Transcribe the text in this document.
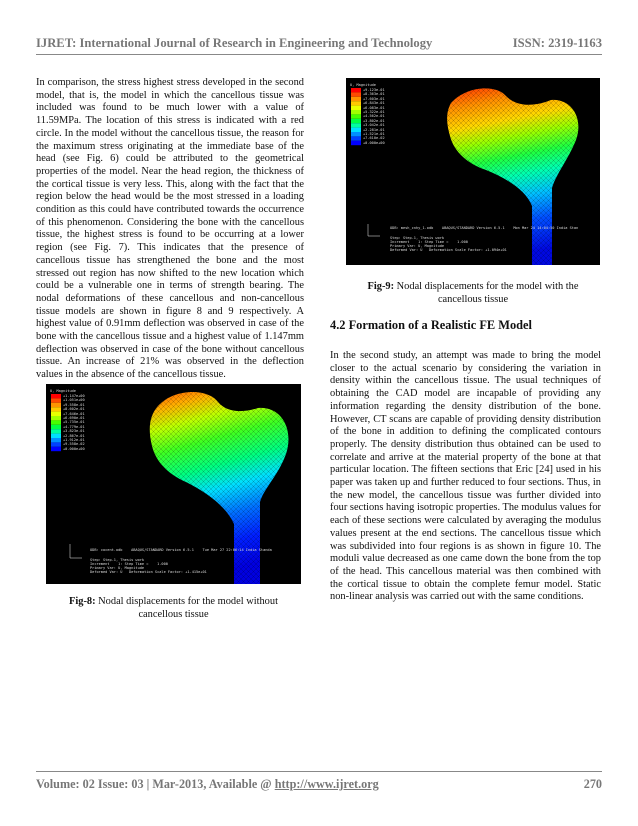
IJRET: International Journal of Research in Engineering and Technology	ISSN: 2319-1163

In comparison, the stress highest stress developed in the second model, that is, the model in which the cancellous tissue was included was found to be much lower with a value of 11.59MPa. The location of this stress is indicated with a red circle. In the model without the cancellous tissue, the reason for the maximum stress originating at the immediate base of the head (see Fig. 6) could be attributed to the geometrical properties of the model. Near the head region, the thickness of the cortical tissue is very less. This, along with the fact that the region below the head would be the most stressed in a loading condition as this could have contributed towards the occurrence of this phenomenon. Considering the bone with the cancellous tissue, the highest stress is found to be occurring at a lower region (see Fig. 7). This indicates that the presence of cancellous tissue has strengthened the bone and the most stressed out region has now shifted to the new location which could be a vulnerable one in terms of strength bearing. The nodal deformations of these cancellous and non-cancellous tissue models are shown in figure 8 and 9 respectively. A highest value of 0.91mm deflection was observed in case of the bone with the cancellous tissue and a highest value of 1.147mm deflection was observed in case of the bone without cancellous tissue. An increase of 21% was observed in the deflection values in the absence of the cancellous tissue.

U, Magnitude
+9.123e-01
+8.363e-01
+7.603e-01
+6.843e-01
+6.083e-01
+5.322e-01
+4.562e-01
+3.802e-01
+3.042e-01
+2.281e-01
+1.521e-01
+7.610e-02
+0.000e+00
ODB: mesh_cnhy_1.odb    ABAQUS/STANDARD Version 6.5-1    Mon Mar 24 14:04:50 India Stan
Step: Step-1, Thesis work
Increment    1: Step Time =    1.000
Primary Var: U, Magnitude
Deformed Var: U   Deformation Scale Factor: +1.094e+01
Fig-9: Nodal displacements for the model with the cancellous tissue
4.2 Formation of a Realistic FE Model

In the second study, an attempt was made to bring the model closer to the actual scenario by considering the variation in density within the cancellous tissue. The usual techniques of obtaining the CAD model are incapable of providing any information regarding the density distribution of the bone. However, CT scans are capable of providing density distribution of the bone in addition to defining the complicated contours properly. The density distribution thus obtained can be used to correlate and arrive at the material property of the bone at that particular location. The fifteen sections that Eric [24] used in his paper was taken up and further reduced to four sections. Thus, in the new model, the cancellous tissue was further divided into four sections having isotropic properties. The modulus values for each of these sections were calculated by averaging the modulus values present at the end sections. The cancellous tissue which was subdivided into four regions is as shown in figure 10. The moduli value decreased as one came down the bone from the top of the head. This cancellous material was then combined with the cortical tissue to obtain the complete femur model. Static non-linear analysis was carried out with the same conditions.

U, Magnitude
+1.147e+00
+1.051e+00
+9.558e-01
+8.602e-01
+7.646e-01
+6.690e-01
+5.735e-01
+4.779e-01
+3.823e-01
+2.867e-01
+1.912e-01
+9.558e-02
+0.000e+00
ODB: cocent.odb    ABAQUS/STANDARD Version 6.5-1    Tue Mar 27 22:06:14 India Standa
Step: Step-1, Thesis work
Increment    1: Step Time =    1.000
Primary Var: U, Magnitude
Deformed Var: U   Deformation Scale Factor: +1.415e+01
Fig-8: Nodal displacements for the model without cancellous tissue
Volume: 02 Issue: 03 | Mar-2013, Available @ http://www.ijret.org	270
